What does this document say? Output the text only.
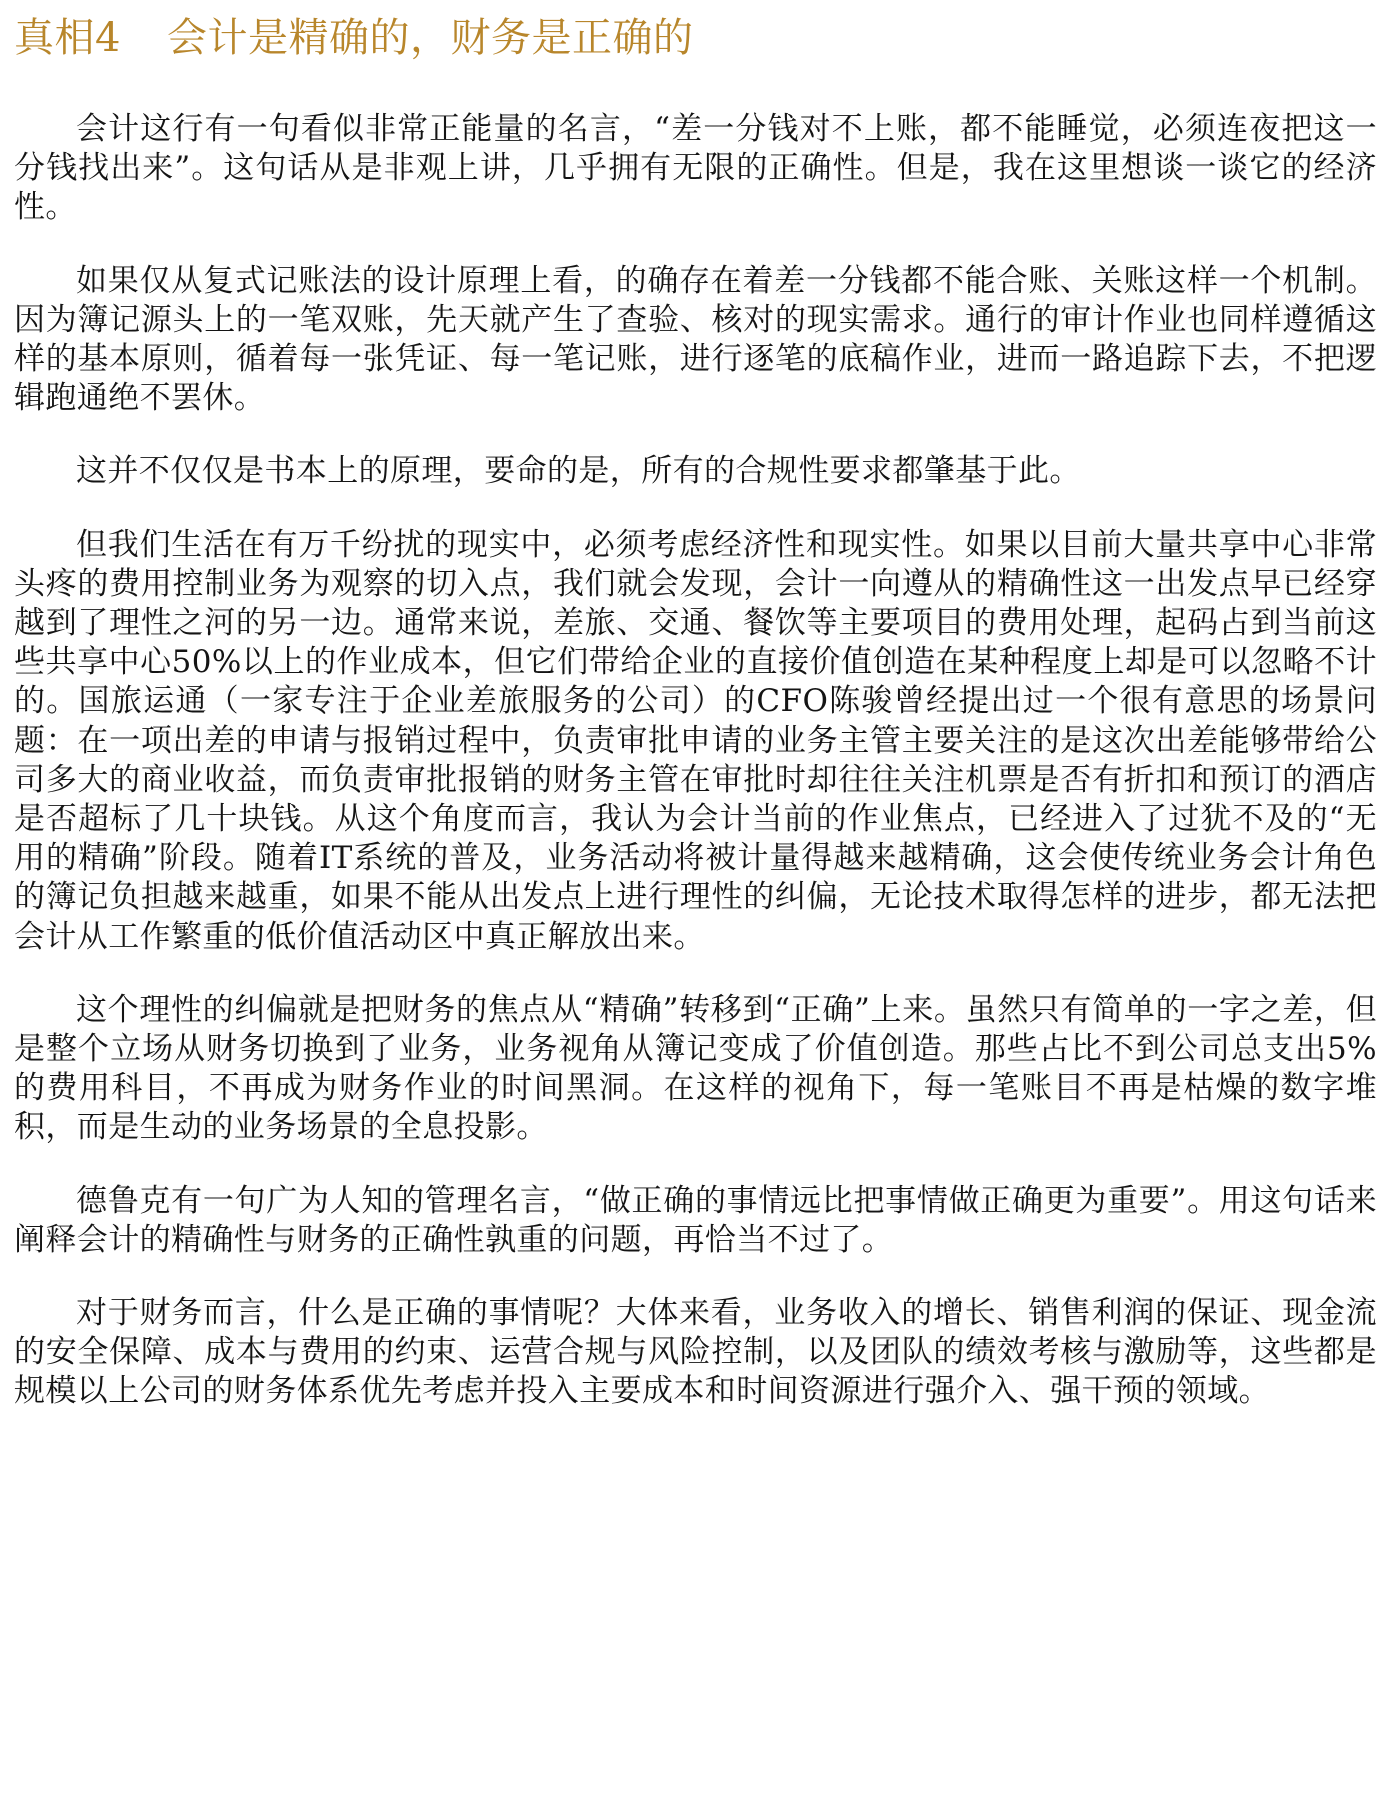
真相4 会计是精确的，财务是正确的

会计这行有一句看似非常正能量的名言，“差一分钱对不上账，都不能睡觉，必须连夜把这一分钱找出来”。这句话从是非观上讲，几乎拥有无限的正确性。但是，我在这里想谈一谈它的经济性。

如果仅从复式记账法的设计原理上看，的确存在着差一分钱都不能合账、关账这样一个机制。因为簿记源头上的一笔双账，先天就产生了查验、核对的现实需求。通行的审计作业也同样遵循这样的基本原则，循着每一张凭证、每一笔记账，进行逐笔的底稿作业，进而一路追踪下去，不把逻辑跑通绝不罢休。

这并不仅仅是书本上的原理，要命的是，所有的合规性要求都肇基于此。

但我们生活在有万千纷扰的现实中，必须考虑经济性和现实性。如果以目前大量共享中心非常头疼的费用控制业务为观察的切入点，我们就会发现，会计一向遵从的精确性这一出发点早已经穿越到了理性之河的另一边。通常来说，差旅、交通、餐饮等主要项目的费用处理，起码占到当前这些共享中心50%以上的作业成本，但它们带给企业的直接价值创造在某种程度上却是可以忽略不计的。国旅运通（一家专注于企业差旅服务的公司）的CFO陈骏曾经提出过一个很有意思的场景问题：在一项出差的申请与报销过程中，负责审批申请的业务主管主要关注的是这次出差能够带给公司多大的商业收益，而负责审批报销的财务主管在审批时却往往关注机票是否有折扣和预订的酒店是否超标了几十块钱。从这个角度而言，我认为会计当前的作业焦点，已经进入了过犹不及的“无用的精确”阶段。随着IT系统的普及，业务活动将被计量得越来越精确，这会使传统业务会计角色的簿记负担越来越重，如果不能从出发点上进行理性的纠偏，无论技术取得怎样的进步，都无法把会计从工作繁重的低价值活动区中真正解放出来。

这个理性的纠偏就是把财务的焦点从“精确”转移到“正确”上来。虽然只有简单的一字之差，但是整个立场从财务切换到了业务，业务视角从簿记变成了价值创造。那些占比不到公司总支出5%的费用科目，不再成为财务作业的时间黑洞。在这样的视角下，每一笔账目不再是枯燥的数字堆积，而是生动的业务场景的全息投影。

德鲁克有一句广为人知的管理名言，“做正确的事情远比把事情做正确更为重要”。用这句话来阐释会计的精确性与财务的正确性孰重的问题，再恰当不过了。

对于财务而言，什么是正确的事情呢？大体来看，业务收入的增长、销售利润的保证、现金流的安全保障、成本与费用的约束、运营合规与风险控制，以及团队的绩效考核与激励等，这些都是规模以上公司的财务体系优先考虑并投入主要成本和时间资源进行强介入、强干预的领域。
